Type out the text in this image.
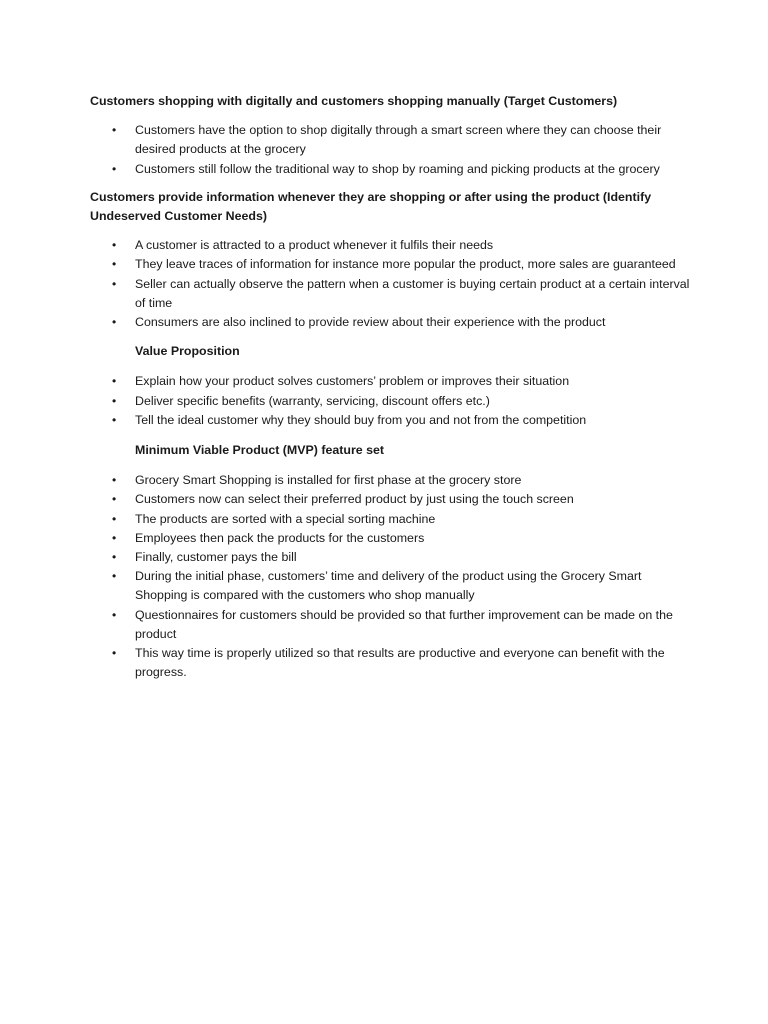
Customers shopping with digitally and customers shopping manually (Target Customers)

• Customers have the option to shop digitally through a smart screen where they can choose their desired products at the grocery
• Customers still follow the traditional way to shop by roaming and picking products at the grocery

Customers provide information whenever they are shopping or after using the product (Identify Undeserved Customer Needs)

• A customer is attracted to a product whenever it fulfils their needs
• They leave traces of information for instance more popular the product, more sales are guaranteed
• Seller can actually observe the pattern when a customer is buying certain product at a certain interval of time
• Consumers are also inclined to provide review about their experience with the product

Value Proposition

• Explain how your product solves customers’ problem or improves their situation
• Deliver specific benefits (warranty, servicing, discount offers etc.)
• Tell the ideal customer why they should buy from you and not from the competition

Minimum Viable Product (MVP) feature set

• Grocery Smart Shopping is installed for first phase at the grocery store
• Customers now can select their preferred product by just using the touch screen
• The products are sorted with a special sorting machine
• Employees then pack the products for the customers
• Finally, customer pays the bill
• During the initial phase, customers’ time and delivery of the product using the Grocery Smart Shopping is compared with the customers who shop manually
• Questionnaires for customers should be provided so that further improvement can be made on the product
• This way time is properly utilized so that results are productive and everyone can benefit with the progress.
